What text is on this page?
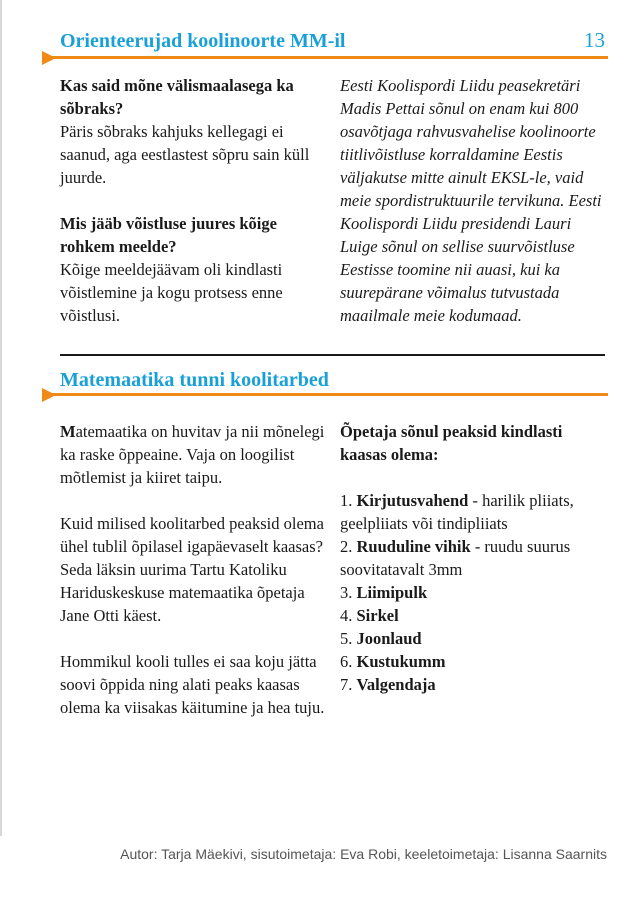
Orienteerujad koolinoorte MM-il	13

Kas said mõne välismaalasega ka sõbraks?

Päris sõbraks kahjuks kellegagi ei saanud, aga eestlastest sõpru sain küll juurde.

Mis jääb võistluse juures kõige rohkem meelde?

Kõige meeldejäävam oli kindlasti võistlemine ja kogu protsess enne võistlusi.

Eesti Koolispordi Liidu peasekretäri Madis Pettai sõnul on enam kui 800 osavõtjaga rahvusvahelise koolinoorte tiitlivõistluse korraldamine Eestis väljakutse mitte ainult EKSL-le, vaid meie spordistruktuurile tervikuna. Eesti Koolispordi Liidu presidendi Lauri Luige sõnul on sellise suurvõistluse Eestisse toomine nii auasi, kui ka suurepärane võimalus tutvustada maailmale meie kodumaad.

Matemaatika tunni koolitarbed

Matemaatika on huvitav ja nii mõnelegi ka raske õppeaine. Vaja on loogilist mõtlemist ja kiiret taipu.

Kuid milised koolitarbed peaksid olema ühel tublil õpilasel igapäevaselt kaasas? Seda läksin uurima Tartu Katoliku Hariduskeskuse matemaatika õpetaja Jane Otti käest.

Hommikul kooli tulles ei saa koju jätta soovi õppida ning alati peaks kaasas olema ka viisakas käitumine ja hea tuju.

Õpetaja sõnul peaksid kindlasti kaasas olema:

1. Kirjutusvahend - harilik pliiats, geelpliiats või tindipliiats
2. Ruuduline vihik - ruudu suurus soovitatavalt 3mm
3. Liimipulk
4. Sirkel
5. Joonlaud
6. Kustukumm
7. Valgendaja
Autor: Tarja Mäekivi, sisutoimetaja: Eva Robi, keeletoimetaja: Lisanna Saarnits
